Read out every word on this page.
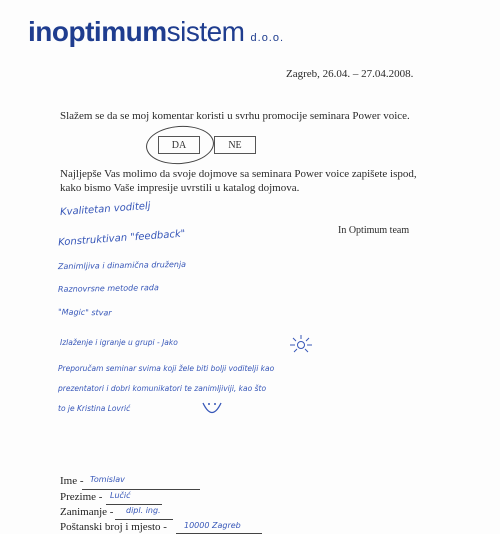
inoptimumsistem d.o.o.
Zagreb, 26.04. – 27.04.2008.
Slažem se da se moj komentar koristi u svrhu promocije seminara Power voice.
DA	NE
Najljepše Vas molimo da svoje dojmove sa seminara Power voice zapišete ispod,
kako bismo Vaše impresije uvrstili u katalog dojmova.
In Optimum team
Kvalitetan voditelj
Konstruktivan "feedback"
Zanimljiva i dinamična druženja
Raznovrsne metode rada
"Magic" stvar
Izlaženje i igranje u grupi - Jako
Preporučam seminar svima koji žele biti bolji voditelji kao
prezentatori i dobri komunikatori te zanimljiviji, kao što
to je Kristina Lovrić
Ime - Tomislav
Prezime - Lučić
Zanimanje - dipl. ing.
Poštanski broj i mjesto - 10000 Zagreb
